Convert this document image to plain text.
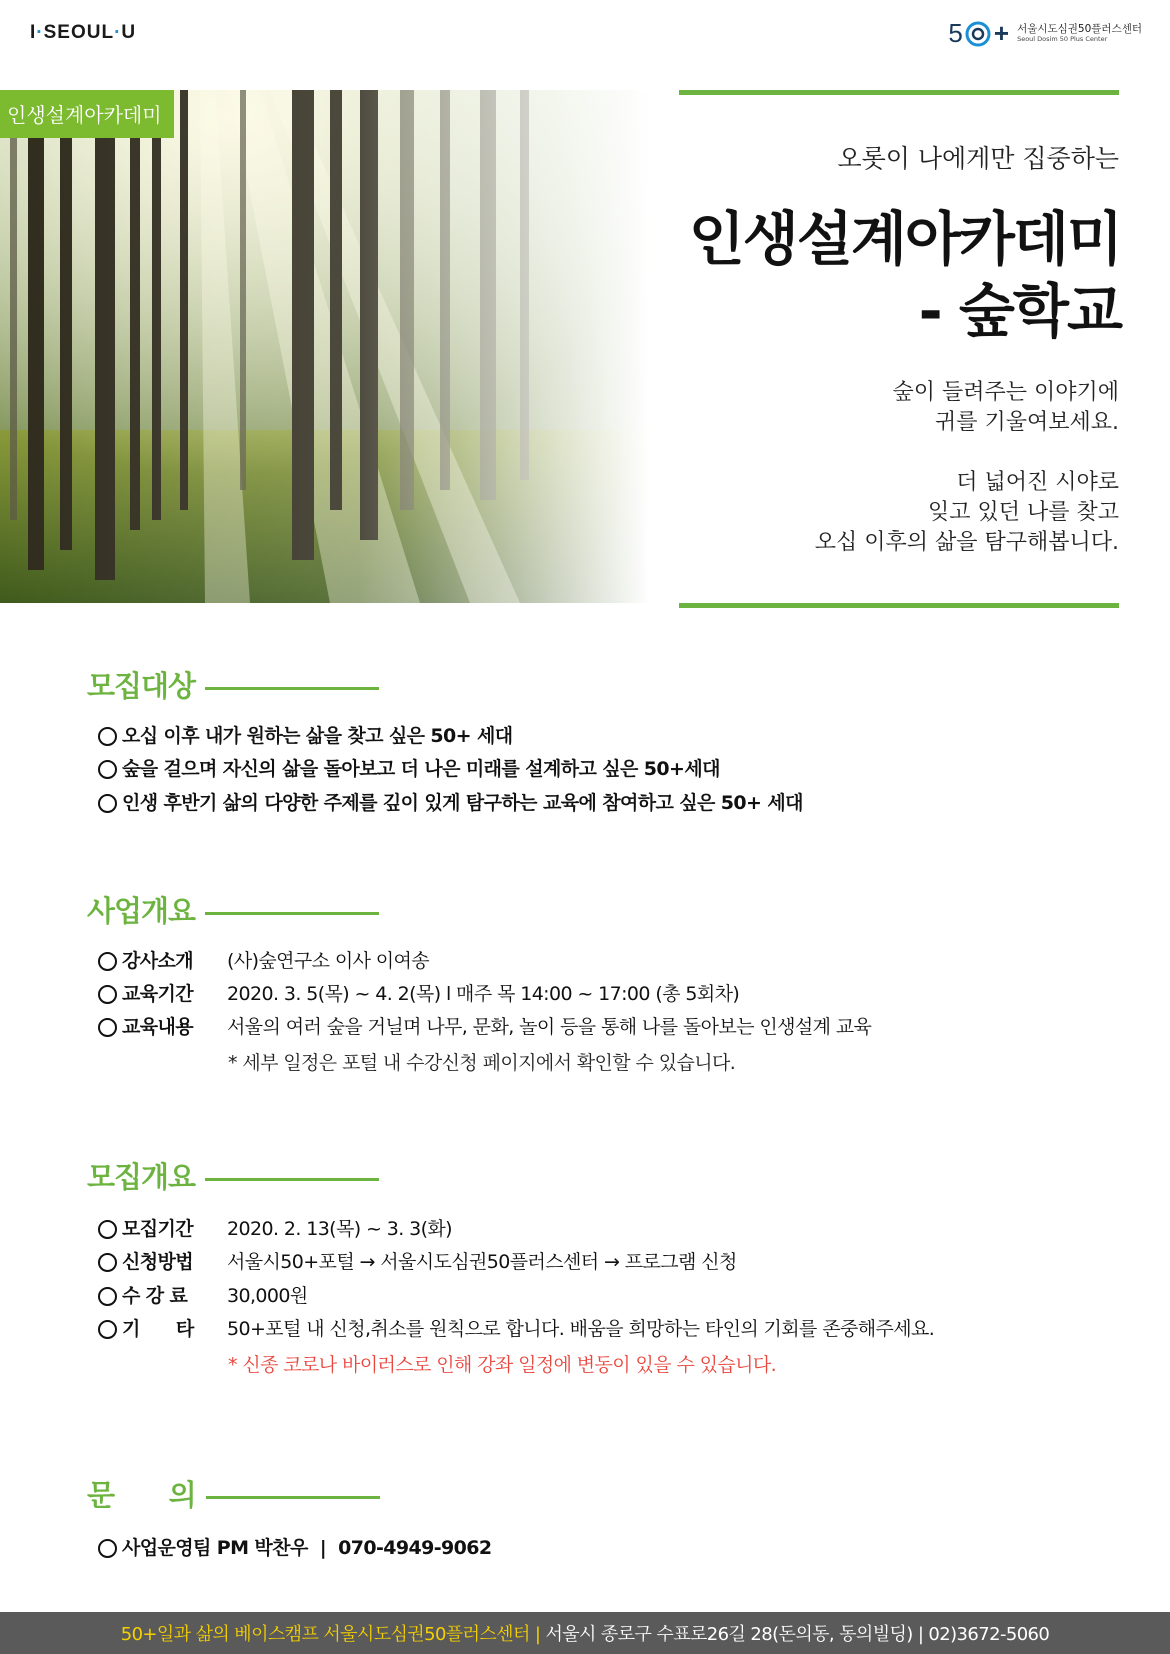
I·SEOUL·U	5 + 서울시도심권50플러스센터
Seoul Dosim 50 Plus Center
인생설계아카데미
오롯이 나에게만 집중하는
인생설계아카데미
- 숲학교

숲이 들려주는 이야기에

귀를 기울여보세요.

더 넓어진 시야로

잊고 있던 나를 찾고

오십 이후의 삶을 탐구해봅니다.

모집대상
오십 이후 내가 원하는 삶을 찾고 싶은 50+ 세대
숲을 걸으며 자신의 삶을 돌아보고 더 나은 미래를 설계하고 싶은 50+세대
인생 후반기 삶의 다양한 주제를 깊이 있게 탐구하는 교육에 참여하고 싶은 50+ 세대
사업개요
강사소개	(사)숲연구소 이사 이여송
교육기간	2020. 3. 5(목) ~ 4. 2(목) l 매주 목 14:00 ~ 17:00 (총 5회차)
교육내용	서울의 여러 숲을 거닐며 나무, 문화, 놀이 등을 통해 나를 돌아보는 인생설계 교육
* 세부 일정은 포털 내 수강신청 페이지에서 확인할 수 있습니다.
모집개요
모집기간	2020. 2. 13(목) ~ 3. 3(화)
신청방법	서울시50+포털 → 서울시도심권50플러스센터 → 프로그램 신청
수 강 료	30,000원
기      타	50+포털 내 신청,취소를 원칙으로 합니다. 배움을 희망하는 타인의 기회를 존중해주세요.
* 신종 코로나 바이러스로 인해 강좌 일정에 변동이 있을 수 있습니다.
문      의
사업운영팀 PM 박찬우  |  070-4949-9062
50+일과 삶의 베이스캠프 서울시도심권50플러스센터 | 서울시 종로구 수표로26길 28(돈의동, 동의빌딩) | 02)3672-5060
